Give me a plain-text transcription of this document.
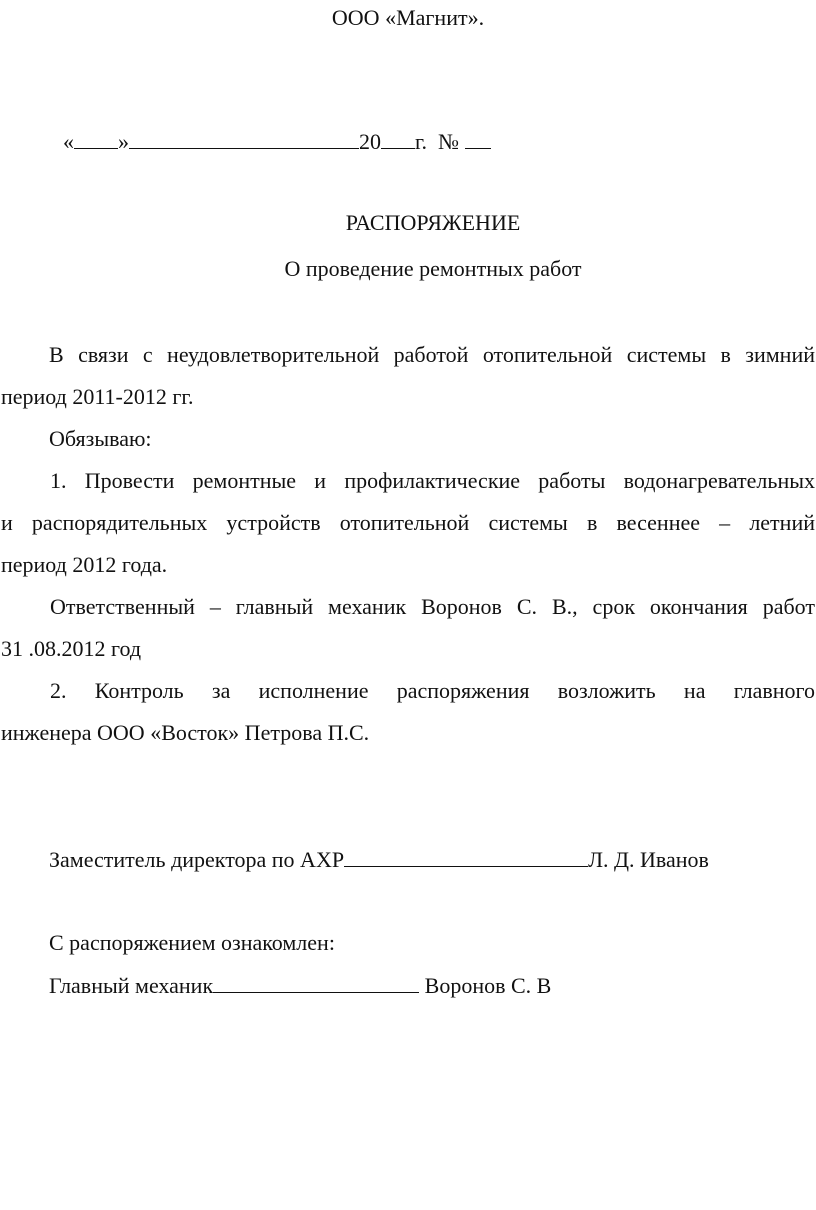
ООО «Магнит».
« »	20 г. №
РАСПОРЯЖЕНИЕ
О проведение ремонтных работ
В связи с неудовлетворительной работой отопительной системы в зимний
период 2011-2012 гг.
Обязываю:
1. Провести ремонтные и профилактические работы водонагревательных
и распорядительных устройств отопительной системы в весеннее – летний
период 2012 года.
Ответственный – главный механик Воронов С. В., срок окончания работ
31 .08.2012 год
2. Контроль за исполнение распоряжения возложить на главного
инженера ООО «Восток» Петрова П.С.
Заместитель директора по АХР	Л. Д. Иванов
С распоряжением ознакомлен:
Главный механик	Воронов С. В
